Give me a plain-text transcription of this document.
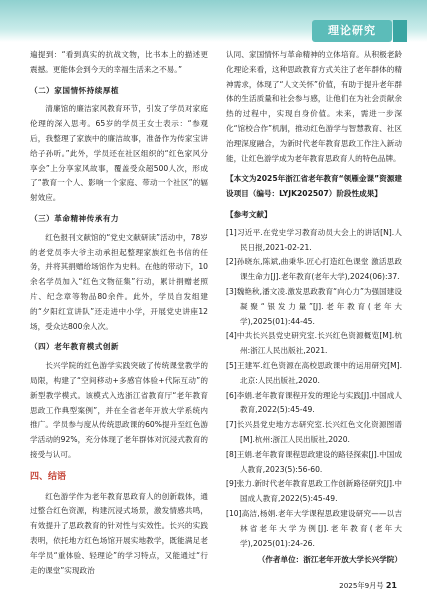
理论研究

遍提到：“看到真实的抗战文物，比书本上的描述更震撼。更能体会到今天的幸福生活来之不易。”

（二）家国情怀持续厚植

清廉馆的廉洁家风教育环节，引发了学员对家庭伦理的深入思考。65岁的学员王女士表示：“参观后，我整理了家族中的廉洁故事，准备作为传家宝讲给子孙听。”此外，学员还在社区组织的“红色家风分享会”上分享家风故事，覆盖受众超500人次，形成了“教育一个人、影响一个家庭、带动一个社区”的辐射效应。

（三）革命精神传承有力

红色报刊文献馆的“党史文献研读”活动中，78岁的老党员李大爷主动承担起整理家族红色书信的任务，并将其捐赠给场馆作为史料。在他的带动下，10余名学员加入“红色文物征集”行动，累计捐赠老照片、纪念章等物品80余件。此外，学员自发组建的“夕阳红宣讲队”还走进中小学，开展党史讲座12场，受众达800余人次。

（四）老年教育模式创新

长兴学院的红色游学实践突破了传统课堂教学的局限，构建了“空间移动+多感官体验+代际互动”的新型教学模式。该模式入选浙江省教育厅“老年教育思政工作典型案例”，并在全省老年开放大学系统内推广。学员参与度从传统思政课的60%提升至红色游学活动的92%，充分体现了老年群体对沉浸式教育的接受与认可。

四、结语

红色游学作为老年教育思政育人的创新载体，通过整合红色资源，构建沉浸式场景，激发情感共鸣，有效提升了思政教育的针对性与实效性。长兴的实践表明，依托地方红色场馆开展实地教学，既能满足老年学员“重体验、轻理论”的学习特点，又能通过“行走的课堂”实现政治

认同、家国情怀与革命精神的立体培育。从积极老龄化理论来看，这种思政教育方式关注了老年群体的精神需求，体现了“人文关怀”价值，有助于提升老年群体的生活质量和社会参与感，让他们在为社会贡献余热的过程中，实现自身价值。未来，需进一步深化“馆校合作”机制，推动红色游学与智慧教育、社区治理深度融合，为新时代老年教育思政工作注入新动能，让红色游学成为老年教育思政育人的特色品牌。

【本文为2025年浙江省老年教育“领雁金课”资源建设项目（编号：LYJK202507）阶段性成果】

【参考文献】
[1]习近平.在党史学习教育动员大会上的讲话[N].人民日报,2021-02-21.
[2]孙晓东,陈斌,曲秉华.匠心打造红色课堂 激活思政课生命力[J].老年教育(老年大学),2024(06):37.
[3]魏艳秋,潘文凌.激发思政教育“向心力”为强国建设凝聚“银发力量”[J].老年教育(老年大学),2025(01):44-45.
[4]中共长兴县党史研究室.长兴红色资源概览[M].杭州:浙江人民出版社,2021.
[5]王建军.红色资源在高校思政课中的运用研究[M].北京:人民出版社,2020.
[6]李娟.老年教育课程开发的理论与实践[J].中国成人教育,2022(5):45-49.
[7]长兴县党史地方志研究室.长兴红色文化资源图谱[M].杭州:浙江人民出版社,2020.
[8]王娟.老年教育课程思政建设的路径探索[J].中国成人教育,2023(5):56-60.
[9]张力.新时代老年教育思政工作创新路径研究[J].中国成人教育,2022(5):45-49.
[10]高洁,杨娟.老年大学课程思政建设研究——以吉林省老年大学为例[J].老年教育(老年大学),2025(01):24-26.
（作者单位：浙江老年开放大学长兴学院）
2025年9月号 21
